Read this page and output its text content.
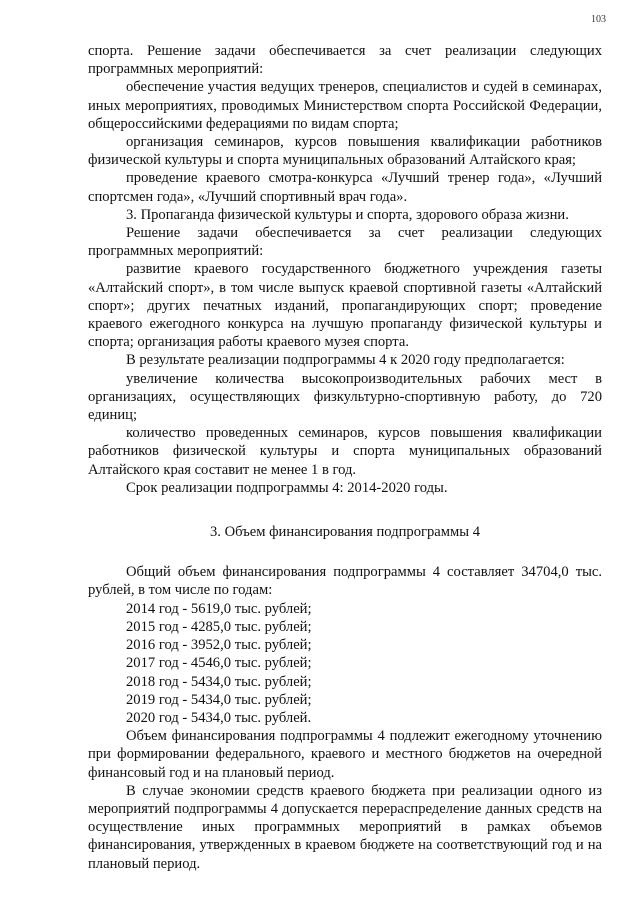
103

спорта. Решение задачи обеспечивается за счет реализации следующих программных мероприятий:

обеспечение участия ведущих тренеров, специалистов и судей в семинарах, иных мероприятиях, проводимых Министерством спорта Российской Федерации, общероссийскими федерациями по видам спорта;

организация семинаров, курсов повышения квалификации работников физической культуры и спорта муниципальных образований Алтайского края;

проведение краевого смотра-конкурса «Лучший тренер года», «Лучший спортсмен года», «Лучший спортивный врач года».

3. Пропаганда физической культуры и спорта, здорового образа жизни.

Решение задачи обеспечивается за счет реализации следующих программных мероприятий:

развитие краевого государственного бюджетного учреждения газеты «Алтайский спорт», в том числе выпуск краевой спортивной газеты «Алтайский спорт»; других печатных изданий, пропагандирующих спорт; проведение краевого ежегодного конкурса на лучшую пропаганду физической культуры и спорта; организация работы краевого музея спорта.

В результате реализации подпрограммы 4 к 2020 году предполагается:

увеличение количества высокопроизводительных рабочих мест в организациях, осуществляющих физкультурно-спортивную работу, до 720 единиц;

количество проведенных семинаров, курсов повышения квалификации работников физической культуры и спорта муниципальных образований Алтайского края составит не менее 1 в год.

Срок реализации подпрограммы 4: 2014-2020 годы.

3. Объем финансирования подпрограммы 4

Общий объем финансирования подпрограммы 4 составляет 34704,0 тыс. рублей, в том числе по годам:

2014 год - 5619,0 тыс. рублей;

2015 год - 4285,0 тыс. рублей;

2016 год - 3952,0 тыс. рублей;

2017 год - 4546,0 тыс. рублей;

2018 год - 5434,0 тыс. рублей;

2019 год - 5434,0 тыс. рублей;

2020 год - 5434,0 тыс. рублей.

Объем финансирования подпрограммы 4 подлежит ежегодному уточнению при формировании федерального, краевого и местного бюджетов на очередной финансовый год и на плановый период.

В случае экономии средств краевого бюджета при реализации одного из мероприятий подпрограммы 4 допускается перераспределение данных средств на осуществление иных программных мероприятий в рамках объемов финансирования, утвержденных в краевом бюджете на соответствующий год и на плановый период.
